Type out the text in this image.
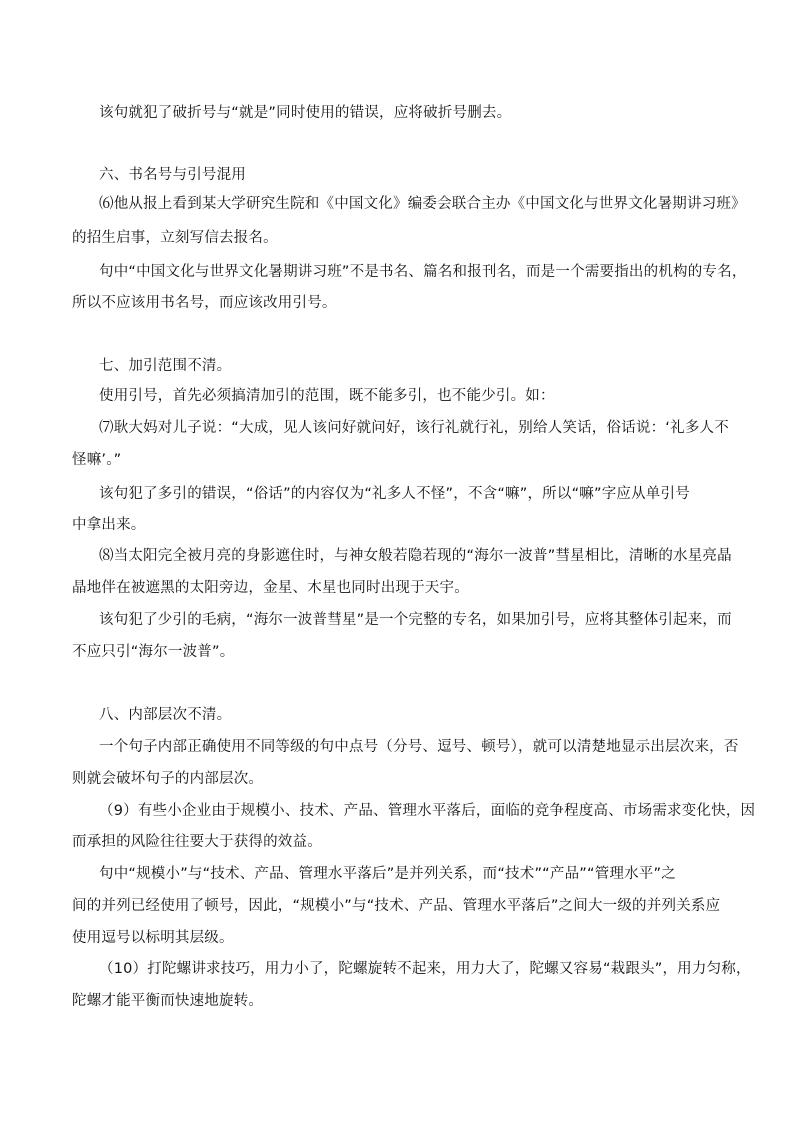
该句就犯了破折号与“就是”同时使用的错误，应将破折号删去。
六、书名号与引号混用
⑹他从报上看到某大学研究生院和《中国文化》编委会联合主办《中国文化与世界文化暑期讲习班》
的招生启事，立刻写信去报名。
句中“中国文化与世界文化暑期讲习班”不是书名、篇名和报刊名，而是一个需要指出的机构的专名，
所以不应该用书名号，而应该改用引号。
七、加引范围不清。
使用引号，首先必须搞清加引的范围，既不能多引，也不能少引。如：
⑺耿大妈对儿子说：“大成，见人该问好就问好，该行礼就行礼，别给人笑话，俗话说：‘礼多人不
怪嘛’。”
该句犯了多引的错误，“俗话”的内容仅为“礼多人不怪”，不含“嘛”，所以“嘛”字应从单引号
中拿出来。
⑻当太阳完全被月亮的身影遮住时，与神女般若隐若现的“海尔一波普”彗星相比，清晰的水星亮晶
晶地伴在被遮黑的太阳旁边，金星、木星也同时出现于天宇。
该句犯了少引的毛病，“海尔一波普彗星”是一个完整的专名，如果加引号，应将其整体引起来，而
不应只引“海尔一波普”。
八、内部层次不清。
一个句子内部正确使用不同等级的句中点号（分号、逗号、顿号），就可以清楚地显示出层次来，否
则就会破坏句子的内部层次。
（9）有些小企业由于规模小、技术、产品、管理水平落后，面临的竞争程度高、市场需求变化快，因
而承担的风险往往要大于获得的效益。
句中“规模小”与“技术、产品、管理水平落后”是并列关系，而“技术”“产品”“管理水平”之
间的并列已经使用了顿号，因此，“规模小”与“技术、产品、管理水平落后”之间大一级的并列关系应
使用逗号以标明其层级。
（10）打陀螺讲求技巧，用力小了，陀螺旋转不起来，用力大了，陀螺又容易“栽跟头”，用力匀称，
陀螺才能平衡而快速地旋转。
